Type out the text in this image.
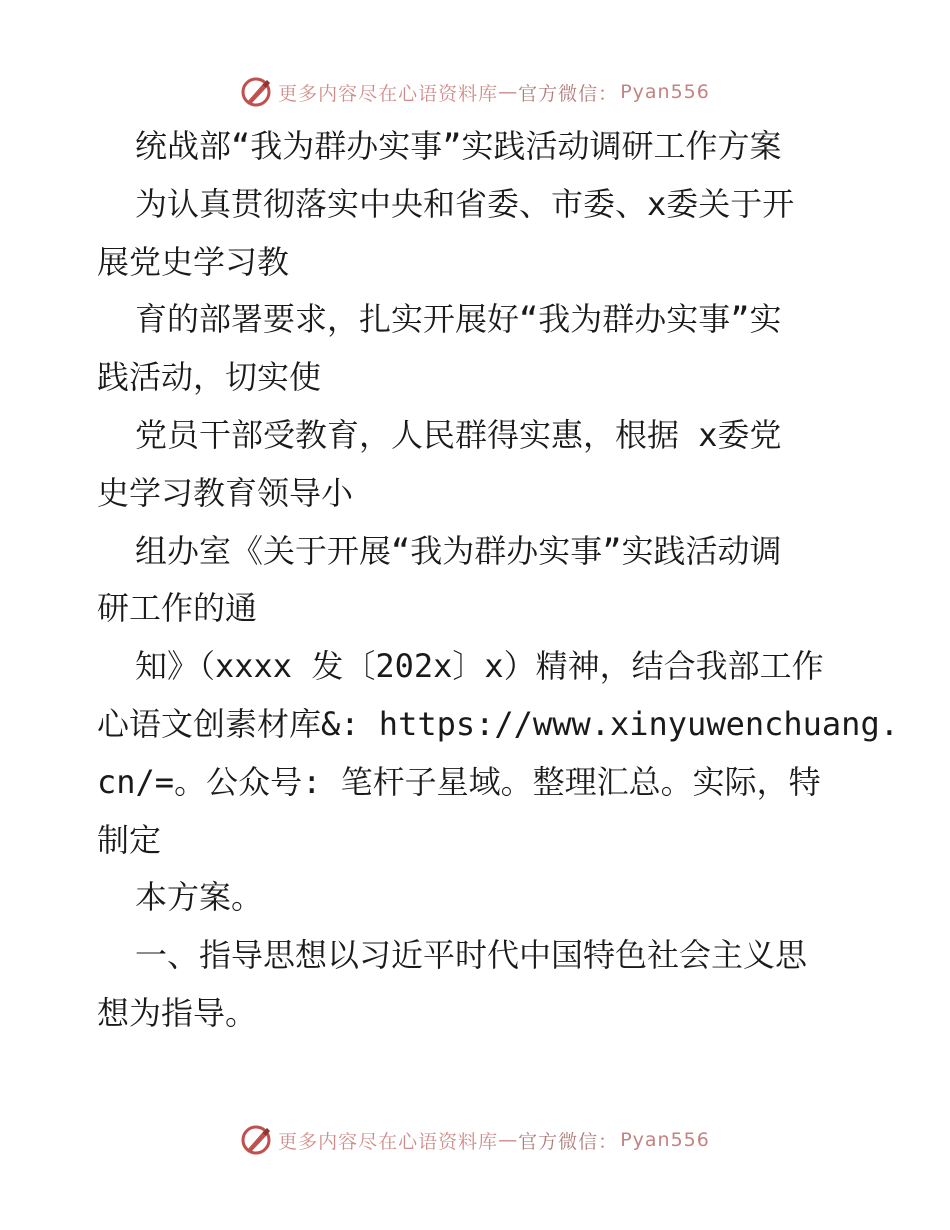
更多内容尽在心语资料库 — 官方微信： Pyan556
统战部“我为群办实事”实践活动调研工作方案
为认真贯彻落实中央和省委、市委、x委关于开
展党史学习教
育的部署要求，扎实开展好“我为群办实事”实
践活动，切实使
党员干部受教育，人民群得实惠，根据 x委党
史学习教育领导小
组办室《关于开展“我为群办实事”实践活动调
研工作的通
知》（xxxx 发〔202x〕x）精神，结合我部工作
心语文创素材库&: https://www.xinyuwenchuang.
cn/=。公众号: 笔杆子星域。整理汇总。实际，特
制定
本方案。
一、指导思想以习近平时代中国特色社会主义思
想为指导。
更多内容尽在心语资料库 — 官方微信： Pyan556
